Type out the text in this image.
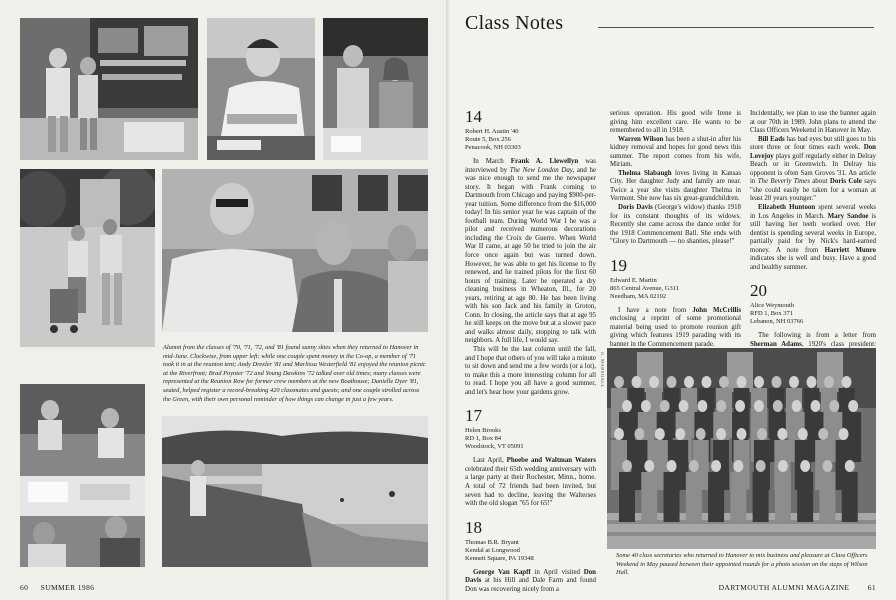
Alumni from the classes of '70, '71, '72, and '81 found sunny skies when they returned to Hanover in mid-June. Clockwise, from upper left: while one couple spent money in the Co-op, a member of '71 took it in at the reunion tent; Andy Drexler '81 and Marlissa Westerfield '81 enjoyed the reunion picnic at the Riverfront; Brad Poynter '72 and Young Dawkins '72 talked over old times; many classes were represented at the Reunion Row for former crew members at the new Boathouse; Danielle Dyer '81, seated, helped register a record-breaking 420 classmates and guests; and one couple strolled across the Green, with their own personal reminder of how things can change in just a few years.
60 SUMMER 1986
Class Notes
14
Robert H. Austin '40
Route 5, Box 256
Penacook, NH 03303

In March Frank A. Llewellyn was interviewed by The New London Day, and he was nice enough to send me the newspaper story. It began with Frank coming to Dartmouth from Chicago and paying $900-per-year tuition. Some difference from the $16,000 today! In his senior year he was captain of the football team. During World War I he was a pilot and received numerous decorations including the Croix de Guerre. When World War II came, at age 50 he tried to join the air force once again but was turned down. However, he was able to get his license to fly renewed, and he trained pilots for the first 60 hours of training. Later he operated a dry cleaning business in Wheaton, Ill., for 20 years, retiring at age 80. He has been living with his son Jack and his family in Groton, Conn. In closing, the article says that at age 95 he still keeps on the move but at a slower pace and walks almost daily, stopping to talk with neighbors. A full life, I would say.

This will be the last column until the fall, and I hope that others of you will take a minute to sit down and send me a few words (or a lot), to make this a more interesting column for all to read. I hope you all have a good summer, and let's hear how your gardens grow.

17
Helen Brooks
RD 1, Box 84
Woodstock, VT 05091

Last April, Phoebe and Waltman Waters celebrated their 65th wedding anniversary with a large party at their Rochester, Minn., home. A total of 72 friends had been invited, but seven had to decline, leaving the Walterses with the old slogan "65 for 65!"

18
Thomas B.R. Bryant
Kendal at Longwood
Kennett Square, PA 19348

George Van Kapff in April visited Don Davis at his Hill and Dale Farm and found Don was recovering nicely from a

serious operation. His good wife Irene is giving him excellent care. He wants to be remembered to all in 1918.

Warren Wilson has been a shut-in after his kidney removal and hopes for good news this summer. The report comes from his wife, Miriam.

Thelma Slabaugh loves living in Kansas City. Her daughter Judy and family are near. Twice a year she visits daughter Thelma in Vermont. She now has six great-grandchildren.

Doris Davis (George's widow) thanks 1918 for its constant thoughts of its widows. Recently she came across the dance order for the 1918 Commencement Ball. She ends with "Glory to Dartmouth — no shanties, please!"

19
Edward E. Martin
865 Central Avenue, G311
Needham, MA 02192

I have a note from John McCrillis enclosing a reprint of some promotional material being used to promote reunion gift giving which features 1919 parading with its banner in the Commencement parade.

Incidentally, we plan to use the banner again at our 70th in 1989. John plans to attend the Class Officers Weekend in Hanover in May.

Bill Eads has bad eyes but still goes to his store three or four times each week. Don Lovejoy plays golf regularly either in Delray Beach or in Greenwich. In Delray his opponent is often Sam Groves '31. An article in The Beverly Times about Doris Cole says "she could easily be taken for a woman at least 20 years younger."

Elizabeth Huntoon spent several weeks in Los Angeles in March. Mary Sandoe is still having her teeth worked over. Her dentist is spending several weeks in Europe, partially paid for by Nick's hard-earned money. A note from Harriett Munro indicates she is well and busy. Have a good and healthy summer.

20
Alice Weymouth
RFD 1, Box 371
Lebanon, NH 03766

The following is from a letter from Sherman Adams, 1920's class president:

G. MARSHALL
Some 40 class secretaries who returned to Hanover to mix business and pleasure at Class Officers Weekend in May paused between their appointed rounds for a photo session on the steps of Wilson Hall.
DARTMOUTH ALUMNI MAGAZINE 61
